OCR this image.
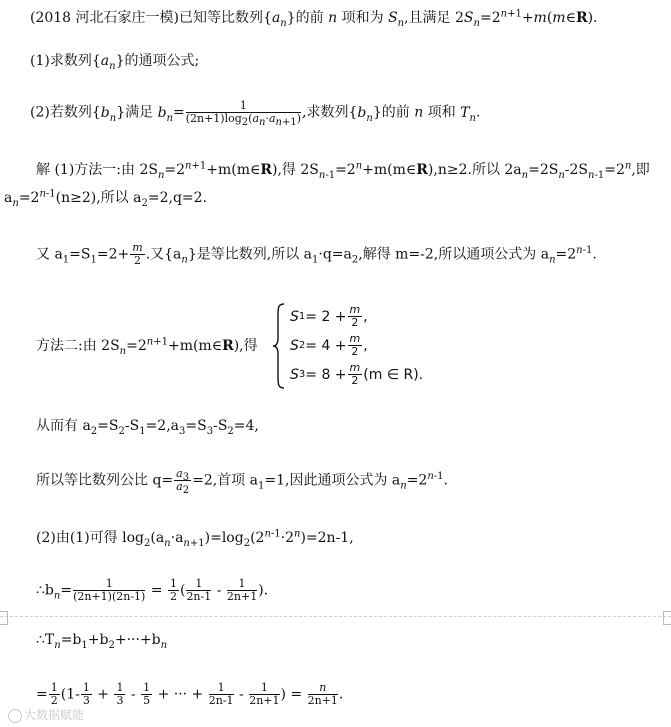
(2018 河北石家庄一模)已知等比数列$\{a_n\}$的前 n 项和为 $S_n$,且满足 $2S_n=2^{n+1}+m(m\in R)$.
(1)求数列$\{a_n\}$的通项公式;
(2)若数列$\{b_n\}$满足 $b_n= \frac{1}{(2n+1)\log_2(a_n\cdot a_{n+1})}$ ,求数列$\{b_n\}$的前 n 项和 $T_n$.
解 (1)方法一:由 $2S_n=2^{n+1}+m(m\in R)$,得 $2S_{n-1}=2^n+m(m\in R),n\ge 2$.所以 $2a_n=2S_n-2S_{n-1}=2^n$,即
$a_n=2^{n-1}(n\ge 2)$,所以 $a_2=2,q=2$.
又 $a_1=S_1=2+ \frac{m}{2}$ .又$\{a_n\}$是等比数列,所以 $a_1\cdot q=a_2$,解得 m=-2,所以通项公式为 $a_n=2^{n-1}$.
方法二:由 $2S_n=2^{n+1}+m(m\in R)$,得
S $1 = 2 + \frac{m}{2}$ ,
S $2 = 4 + \frac{m}{2}$ ,
S $3 = 8 + \frac{m}{2} (m$ ∈ R).
从而有 $a_2=S_2-S_1=2,a_3=S_3-S_2=4$,
所以等比数列公比 $q= \frac{a_3}{a_2} =2$,首项 $a_1=1$,因此通项公式为 $a_n=2^{n-1}$.
(2)由(1)可得 $\log_2(a_n\cdot a_{n+1})=\log_2(2^{n-1}\cdot 2^n)=2n-1$,
$\therefore b_n= \frac{1}{(2n+1)(2n-1)} = \frac{1}{2}$ ( $\frac{1}{2n-1} - \frac{1}{2n+1}$ ).
$\therefore T_n=b_1+b_2+\cdot\cdot\cdot+b_n$
= $\frac{1}{2} (1- \frac{1}{3} + \frac{1}{3} - \frac{1}{5}$ + ··· + $\frac{1}{2n-1} - \frac{1}{2n+1}$ ) = $\frac{n}{2n+1}$ .
大数据赋能
